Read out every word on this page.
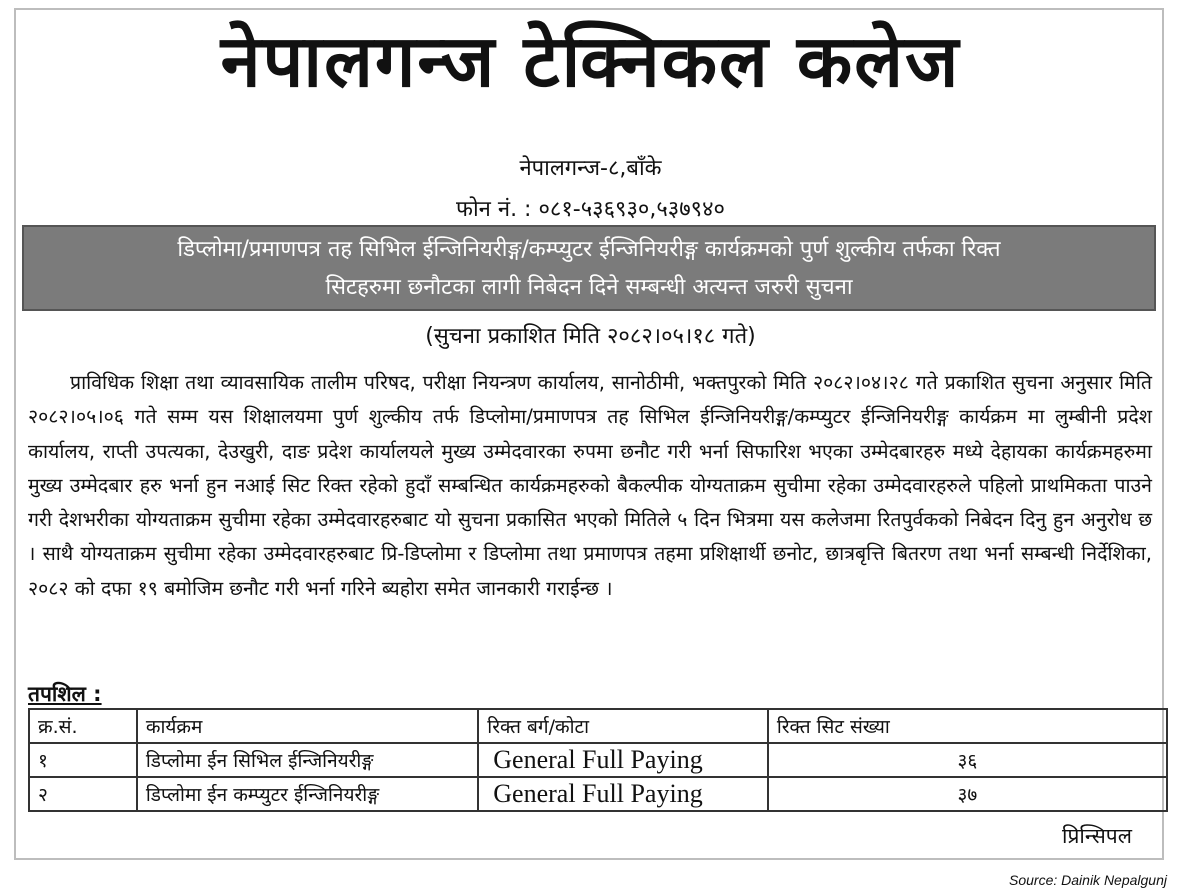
नेपालगन्ज टेक्निकल कलेज
नेपालगन्ज-८,बाँके
फोन नं. : ०८१-५३६९३०,५३७९४०
डिप्लोमा/प्रमाणपत्र तह सिभिल ईन्जिनियरीङ्ग/कम्प्युटर ईन्जिनियरीङ्ग कार्यक्रमको पुर्ण शुल्कीय तर्फका रिक्त
सिटहरुमा छनौटका लागी निबेदन दिने सम्बन्धी अत्यन्त जरुरी सुचना
(सुचना प्रकाशित मिति २०८२।०५।१८ गते)
प्राविधिक शिक्षा तथा व्यावसायिक तालीम परिषद, परीक्षा नियन्त्रण कार्यालय, सानोठीमी, भक्तपुरको मिति २०८२।०४।२८ गते प्रकाशित सुचना अनुसार मिति २०८२।०५।०६ गते सम्म यस शिक्षालयमा पुर्ण शुल्कीय तर्फ डिप्लोमा/प्रमाणपत्र तह सिभिल ईन्जिनियरीङ्ग/कम्प्युटर ईन्जिनियरीङ्ग कार्यक्रम मा लुम्बीनी प्रदेश कार्यालय, राप्ती उपत्यका, देउखुरी, दाङ प्रदेश कार्यालयले मुख्य उम्मेदवारका रुपमा छनौट गरी भर्ना सिफारिश भएका उम्मेदबारहरु मध्ये देहायका कार्यक्रमहरुमा मुख्य उम्मेदबार हरु भर्ना हुन नआई सिट रिक्त रहेको हुदाँ सम्बन्धित कार्यक्रमहरुको बैकल्पीक योग्यताक्रम सुचीमा रहेका उम्मेदवारहरुले पहिलो प्राथमिकता पाउने गरी देशभरीका योग्यताक्रम सुचीमा रहेका उम्मेदवारहरुबाट यो सुचना प्रकासित भएको मितिले ५ दिन भित्रमा यस कलेजमा रितपुर्वकको निबेदन दिनु हुन अनुरोध छ । साथै योग्यताक्रम सुचीमा रहेका उम्मेदवारहरुबाट प्रि-डिप्लोमा र डिप्लोमा तथा प्रमाणपत्र तहमा प्रशिक्षार्थी छनोट, छात्रबृत्ति बितरण तथा भर्ना सम्बन्धी निर्देशिका, २०८२ को दफा १९ बमोजिम छनौट गरी भर्ना गरिने ब्यहोरा समेत जानकारी गराईन्छ ।
तपशिल :
क्र.सं.	कार्यक्रम	रिक्त बर्ग/कोटा	रिक्त सिट संख्या
१	डिप्लोमा ईन सिभिल ईन्जिनियरीङ्ग	General Full Paying	३६
२	डिप्लोमा ईन कम्प्युटर ईन्जिनियरीङ्ग	General Full Paying	३७
प्रिन्सिपल
Source: Dainik Nepalgunj
